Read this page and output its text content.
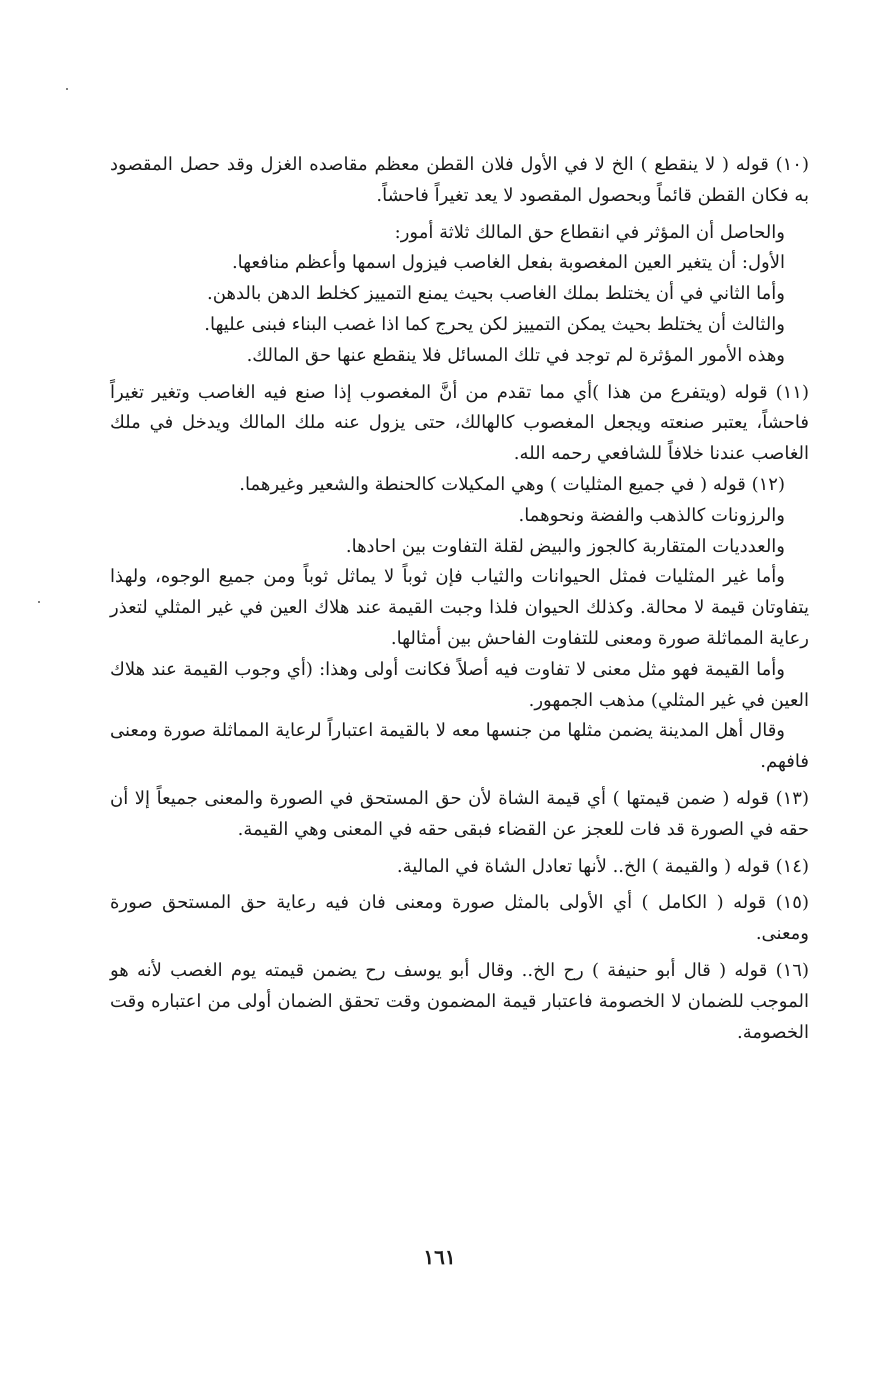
(١٠) قوله ( لا ينقطع ) الخ لا في الأول فلان القطن معظم مقاصده الغزل وقد حصل المقصود به فكان القطن قائماً وبحصول المقصود لا يعد تغيراً فاحشاً.

والحاصل أن المؤثر في انقطاع حق المالك ثلاثة أمور:

الأول: أن يتغير العين المغصوبة بفعل الغاصب فيزول اسمها وأعظم منافعها.

وأما الثاني في أن يختلط بملك الغاصب بحيث يمنع التمييز كخلط الدهن بالدهن.

والثالث أن يختلط بحيث يمكن التمييز لكن يحرج كما اذا غصب البناء فبنى عليها.

وهذه الأمور المؤثرة لم توجد في تلك المسائل فلا ينقطع عنها حق المالك.

(١١) قوله (ويتفرع من هذا )أي مما تقدم من أنَّ المغصوب إذا صنع فيه الغاصب وتغير تغيراً فاحشاً، يعتبر صنعته ويجعل المغصوب كالهالك، حتى يزول عنه ملك المالك ويدخل في ملك الغاصب عندنا خلافاً للشافعي رحمه الله.

(١٢) قوله ( في جميع المثليات ) وهي المكيلات كالحنطة والشعير وغيرهما.

والرزونات كالذهب والفضة ونحوهما.

والعدديات المتقاربة كالجوز والبيض لقلة التفاوت بين احادها.

وأما غير المثليات فمثل الحيوانات والثياب فإن ثوباً لا يماثل ثوباً ومن جميع الوجوه، ولهذا يتفاوتان قيمة لا محالة. وكذلك الحيوان فلذا وجبت القيمة عند هلاك العين في غير المثلي لتعذر رعاية المماثلة صورة ومعنى للتفاوت الفاحش بين أمثالها.

وأما القيمة فهو مثل معنى لا تفاوت فيه أصلاً فكانت أولى وهذا: (أي وجوب القيمة عند هلاك العين في غير المثلي) مذهب الجمهور.

وقال أهل المدينة يضمن مثلها من جنسها معه لا بالقيمة اعتباراً لرعاية المماثلة صورة ومعنى فافهم.

(١٣) قوله ( ضمن قيمتها ) أي قيمة الشاة لأن حق المستحق في الصورة والمعنى جميعاً إلا أن حقه في الصورة قد فات للعجز عن القضاء فبقى حقه في المعنى وهي القيمة.

(١٤) قوله ( والقيمة ) الخ.. لأنها تعادل الشاة في المالية.

(١٥) قوله ( الكامل ) أي الأولى بالمثل صورة ومعنى فان فيه رعاية حق المستحق صورة ومعنى.

(١٦) قوله ( قال أبو حنيفة ) رح الخ.. وقال أبو يوسف رح يضمن قيمته يوم الغصب لأنه هو الموجب للضمان لا الخصومة فاعتبار قيمة المضمون وقت تحقق الضمان أولى من اعتباره وقت الخصومة.

١٦١
